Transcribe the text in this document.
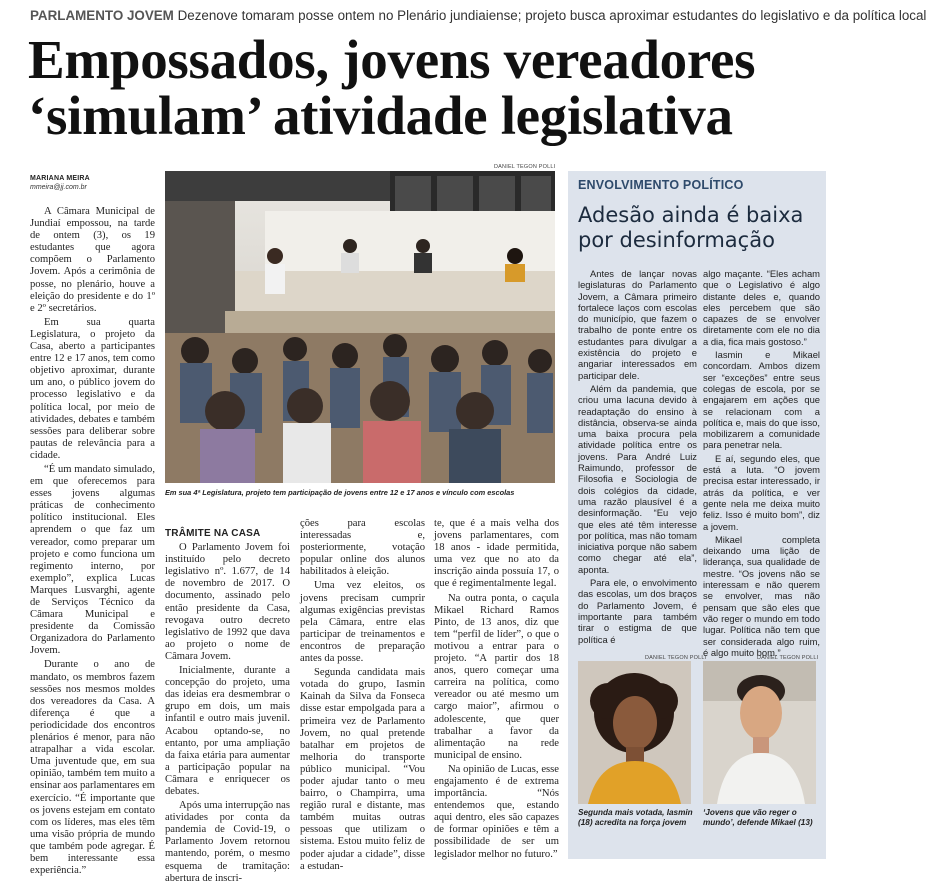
PARLAMENTO JOVEM Dezenove tomaram posse ontem no Plenário jundiaiense; projeto busca aproximar estudantes do legislativo e da política local
Empossados, jovens vereadores
‘simulam’ atividade legislativa
MARIANA MEIRA
mmeira@jj.com.br
DANIEL TEGON POLLI
Em sua 4ª Legislatura, projeto tem participação de jovens entre 12 e 17 anos e vínculo com escolas

A Câmara Municipal de Jundiaí empossou, na tarde de ontem (3), os 19 estudantes que agora compõem o Parlamento Jovem. Após a cerimônia de posse, no plenário, houve a eleição do presidente e do 1º e 2º secretários.

Em sua quarta Legislatura, o projeto da Casa, aberto a participantes entre 12 e 17 anos, tem como objetivo aproximar, durante um ano, o público jovem do processo legislativo e da política local, por meio de atividades, debates e também sessões para deliberar sobre pautas de relevância para a cidade.

“É um mandato simulado, em que oferecemos para esses jovens algumas práticas de conhecimento político institucional. Eles aprendem o que faz um vereador, como preparar um projeto e como funciona um regimento interno, por exemplo”, explica Lucas Marques Lusvarghi, agente de Serviços Técnico da Câmara Municipal e presidente da Comissão Organizadora do Parlamento Jovem.

Durante o ano de mandato, os membros fazem sessões nos mesmos moldes dos vereadores da Casa. A diferença é que a periodicidade dos encontros plenários é menor, para não atrapalhar a vida escolar. Uma juventude que, em sua opinião, também tem muito a ensinar aos parlamentares em exercício. “É importante que os jovens estejam em contato com os líderes, mas eles têm uma visão própria de mundo que também pode agregar. É bem interessante essa experiência.”

TRÂMITE NA CASA

O Parlamento Jovem foi instituído pelo decreto legislativo nº. 1.677, de 14 de novembro de 2017. O documento, assinado pelo então presidente da Casa, revogava outro decreto legislativo de 1992 que dava ao projeto o nome de Câmara Jovem.

Inicialmente, durante a concepção do projeto, uma das ideias era desmembrar o grupo em dois, um mais infantil e outro mais juvenil. Acabou optando-se, no entanto, por uma ampliação da faixa etária para aumentar a participação popular na Câmara e enriquecer os debates.

Após uma interrupção nas atividades por conta da pandemia de Covid-19, o Parlamento Jovem retornou mantendo, porém, o mesmo esquema de tramitação: abertura de inscri-

ções para escolas interessadas e, posteriormente, votação popular online dos alunos habilitados à eleição.

Uma vez eleitos, os jovens precisam cumprir algumas exigências previstas pela Câmara, entre elas participar de treinamentos e encontros de preparação antes da posse.

Segunda candidata mais votada do grupo, Iasmin Kainah da Silva da Fonseca disse estar empolgada para a primeira vez de Parlamento Jovem, no qual pretende batalhar em projetos de melhoria do transporte público municipal. “Vou poder ajudar tanto o meu bairro, o Champirra, uma região rural e distante, mas também muitas outras pessoas que utilizam o sistema. Estou muito feliz de poder ajudar a cidade”, disse a estudan-

te, que é a mais velha dos jovens parlamentares, com 18 anos - idade permitida, uma vez que no ato da inscrição ainda possuía 17, o que é regimentalmente legal.

Na outra ponta, o caçula Mikael Richard Ramos Pinto, de 13 anos, diz que tem “perfil de líder”, o que o motivou a entrar para o projeto. “A partir dos 18 anos, quero começar uma carreira na política, como vereador ou até mesmo um cargo maior”, afirmou o adolescente, que quer trabalhar a favor da alimentação na rede municipal de ensino.

Na opinião de Lucas, esse engajamento é de extrema importância. “Nós entendemos que, estando aqui dentro, eles são capazes de formar opiniões e têm a possibilidade de ser um legislador melhor no futuro.”

ENVOLVIMENTO POLÍTICO
Adesão ainda é baixa por desinformação

Antes de lançar novas legislaturas do Parlamento Jovem, a Câmara primeiro fortalece laços com escolas do município, que fazem o trabalho de ponte entre os estudantes para divulgar a existência do projeto e angariar interessados em participar dele.

Além da pandemia, que criou uma lacuna devido à readaptação do ensino à distância, observa-se ainda uma baixa procura pela atividade política entre os jovens. Para André Luiz Raimundo, professor de Filosofia e Sociologia de dois colégios da cidade, uma razão plausível é a desinformação. “Eu vejo que eles até têm interesse por política, mas não tomam iniciativa porque não sabem como chegar até ela”, aponta.

Para ele, o envolvimento das escolas, um dos braços do Parlamento Jovem, é importante para também tirar o estigma de que política é

algo maçante. “Eles acham que o Legislativo é algo distante deles e, quando eles percebem que são capazes de se envolver diretamente com ele no dia a dia, fica mais gostoso.”

Iasmin e Mikael concordam. Ambos dizem ser “exceções” entre seus colegas de escola, por se engajarem em ações que se relacionam com a política e, mais do que isso, mobilizarem a comunidade para penetrar nela.

E aí, segundo eles, que está a luta. “O jovem precisa estar interessado, ir atrás da política, e ver gente nela me deixa muito feliz. Isso é muito bom”, diz a jovem.

Mikael completa deixando uma lição de liderança, sua qualidade de mestre. “Os jovens não se interessam e não querem se envolver, mas não pensam que são eles que vão reger o mundo em todo lugar. Política não tem que ser considerada algo ruim, é algo muito bom.”

DANIEL TEGON POLLI
Segunda mais votada, Iasmin (18) acredita na força jovem
DANIEL TEGON POLLI
‘Jovens que vão reger o mundo’, defende Mikael (13)
